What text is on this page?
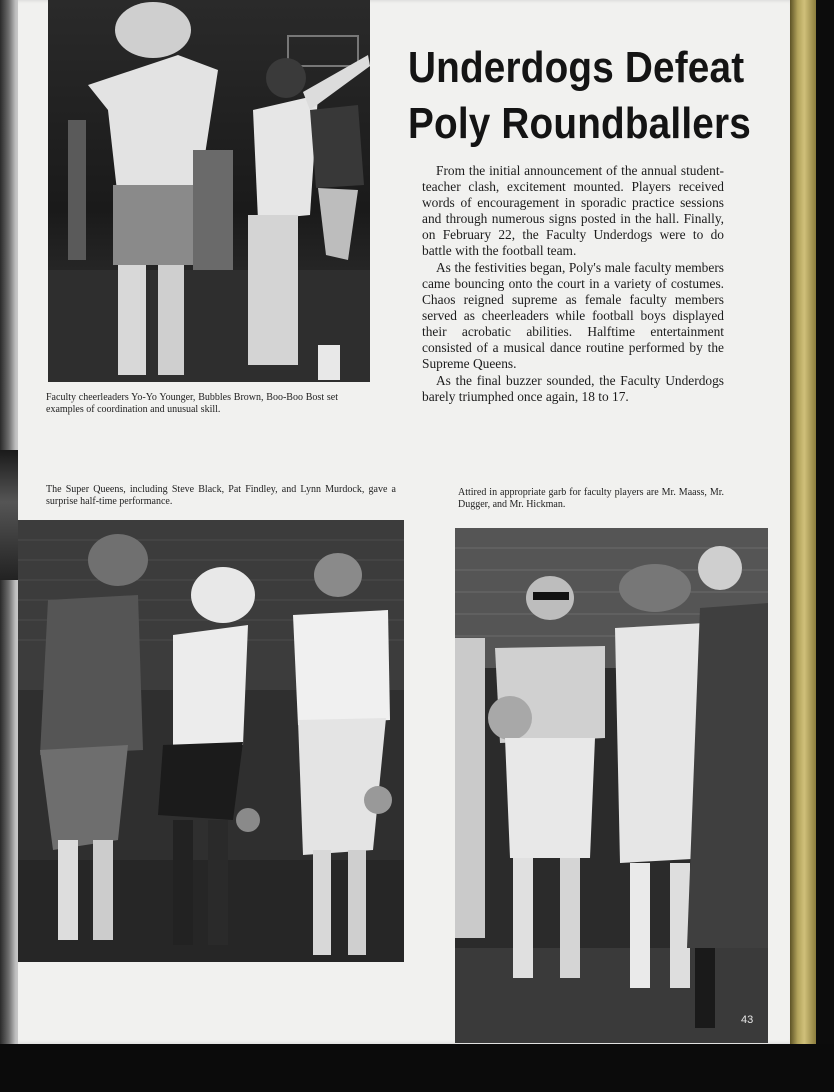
Underdogs Defeat
Poly Roundballers

From the initial announcement of the annual student-teacher clash, excitement mounted. Players received words of encouragement in sporadic practice sessions and through numerous signs posted in the hall. Finally, on February 22, the Faculty Underdogs were to do battle with the football team.

As the festivities began, Poly's male faculty members came bouncing onto the court in a variety of costumes. Chaos reigned supreme as female faculty members served as cheerleaders while football boys displayed their acrobatic abilities. Halftime entertainment consisted of a musical dance routine performed by the Supreme Queens.

As the final buzzer sounded, the Faculty Underdogs barely triumphed once again, 18 to 17.

Faculty cheerleaders Yo-Yo Younger, Bubbles Brown, Boo-Boo Bost set examples of coordination and unusual skill.
The Super Queens, including Steve Black, Pat Findley, and Lynn Murdock, gave a surprise half-time performance.
Attired in appropriate garb for faculty players are Mr. Maass, Mr. Dugger, and Mr. Hickman.
43
